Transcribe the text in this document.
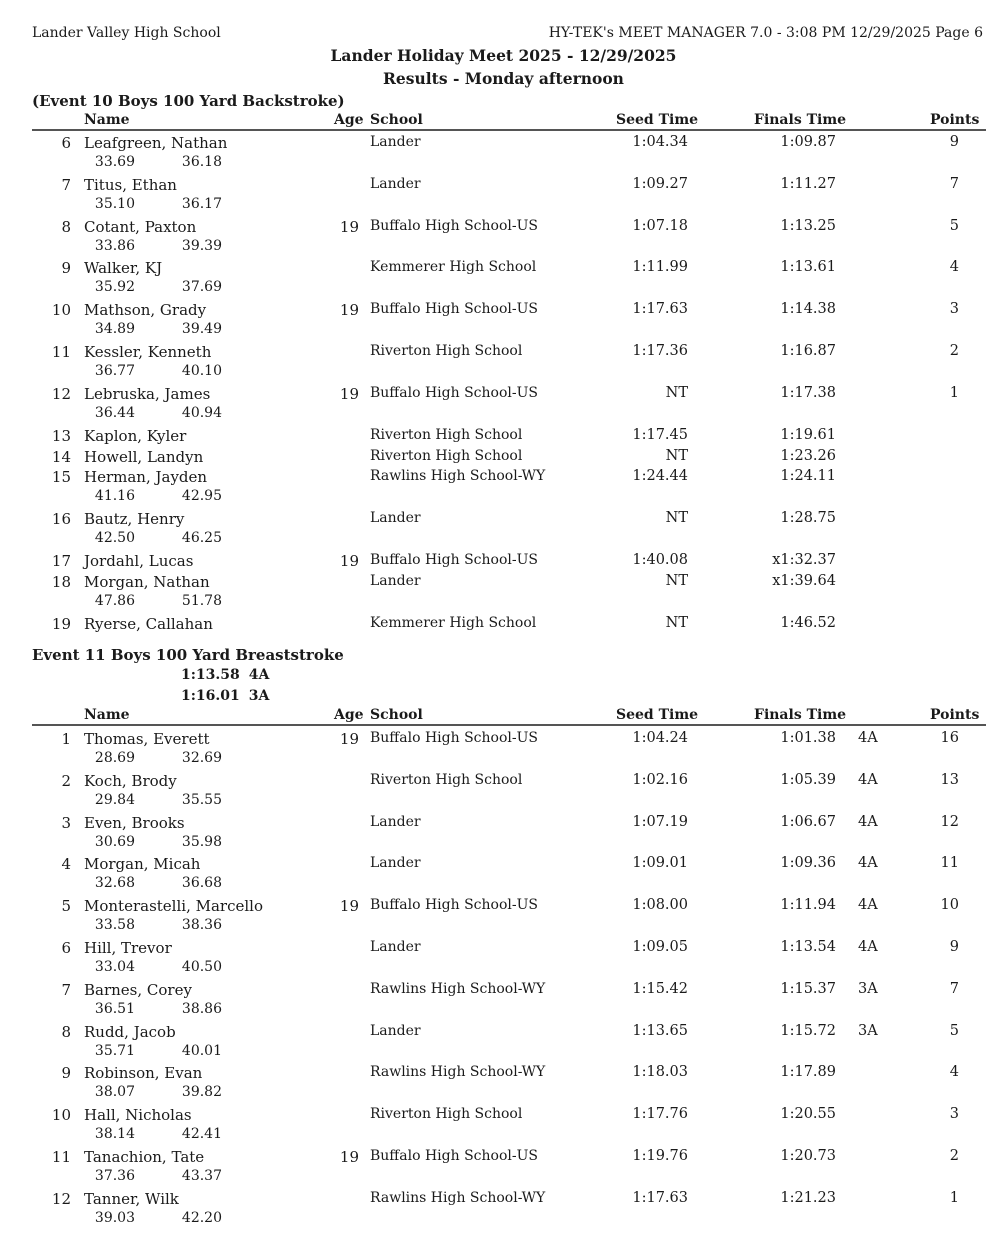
Lander Valley High School	HY-TEK's MEET MANAGER 7.0 - 3:08 PM 12/29/2025 Page 6
Lander Holiday Meet 2025 - 12/29/2025
Results - Monday afternoon
(Event 10 Boys 100 Yard Backstroke)
Name	Age School	Seed Time	Finals Time	Points
6 Leafgreen, Nathan	Lander	1:04.34	1:09.87	9
33.69	36.18
7 Titus, Ethan	Lander	1:09.27	1:11.27	7
35.10	36.17
8 Cotant, Paxton	19 Buffalo High School-US	1:07.18	1:13.25	5
33.86	39.39
9 Walker, KJ	Kemmerer High School	1:11.99	1:13.61	4
35.92	37.69
10 Mathson, Grady	19 Buffalo High School-US	1:17.63	1:14.38	3
34.89	39.49
11 Kessler, Kenneth	Riverton High School	1:17.36	1:16.87	2
36.77	40.10
12 Lebruska, James	19 Buffalo High School-US	NT	1:17.38	1
36.44	40.94
13 Kaplon, Kyler	Riverton High School	1:17.45	1:19.61
14 Howell, Landyn	Riverton High School	NT	1:23.26
15 Herman, Jayden	Rawlins High School-WY	1:24.44	1:24.11
41.16	42.95
16 Bautz, Henry	Lander	NT	1:28.75
42.50	46.25
17 Jordahl, Lucas	19 Buffalo High School-US	1:40.08	x1:32.37
18 Morgan, Nathan	Lander	NT	x1:39.64
47.86	51.78
19 Ryerse, Callahan	Kemmerer High School	NT	1:46.52
Event 11 Boys 100 Yard Breaststroke
1:13.58 4A
1:16.01 3A
Name	Age School	Seed Time	Finals Time	Points
1 Thomas, Everett	19 Buffalo High School-US	1:04.24	1:01.38 4A	16
28.69	32.69
2 Koch, Brody	Riverton High School	1:02.16	1:05.39 4A	13
29.84	35.55
3 Even, Brooks	Lander	1:07.19	1:06.67 4A	12
30.69	35.98
4 Morgan, Micah	Lander	1:09.01	1:09.36 4A	11
32.68	36.68
5 Monterastelli, Marcello	19 Buffalo High School-US	1:08.00	1:11.94 4A	10
33.58	38.36
6 Hill, Trevor	Lander	1:09.05	1:13.54 4A	9
33.04	40.50
7 Barnes, Corey	Rawlins High School-WY	1:15.42	1:15.37 3A	7
36.51	38.86
8 Rudd, Jacob	Lander	1:13.65	1:15.72 3A	5
35.71	40.01
9 Robinson, Evan	Rawlins High School-WY	1:18.03	1:17.89	4
38.07	39.82
10 Hall, Nicholas	Riverton High School	1:17.76	1:20.55	3
38.14	42.41
11 Tanachion, Tate	19 Buffalo High School-US	1:19.76	1:20.73	2
37.36	43.37
12 Tanner, Wilk	Rawlins High School-WY	1:17.63	1:21.23	1
39.03	42.20
